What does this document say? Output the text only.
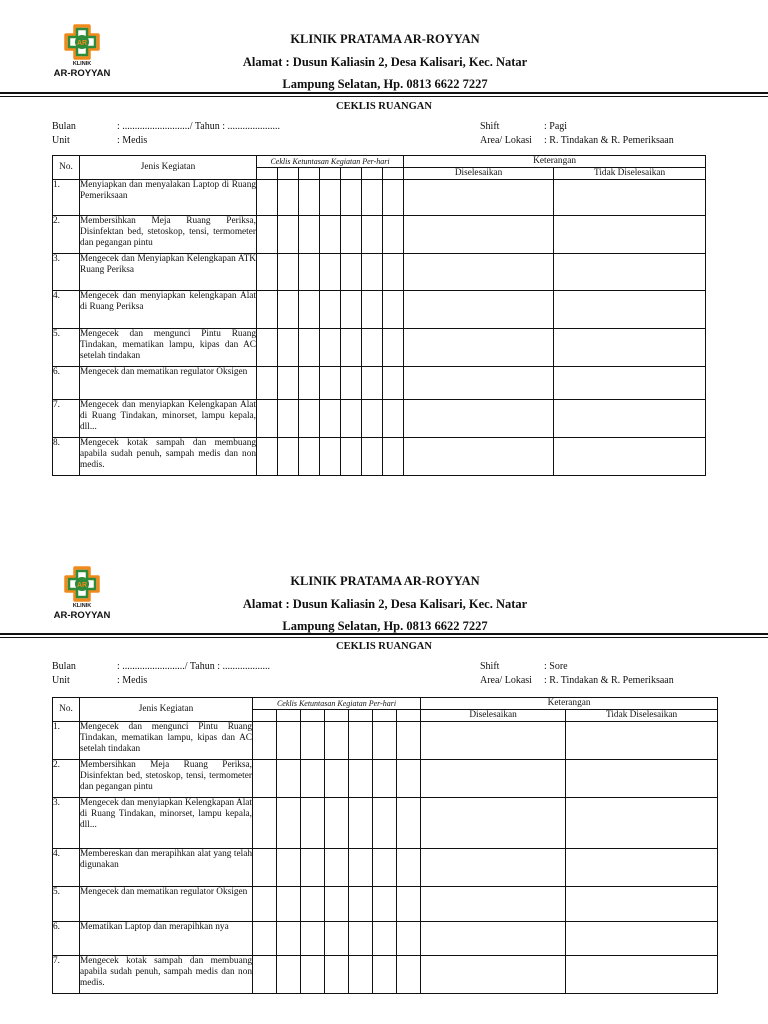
AR
KLINIK
AR-ROYYAN
KLINIK PRATAMA AR-ROYYAN
Alamat : Dusun Kaliasin 2, Desa Kalisari, Kec. Natar
Lampung Selatan, Hp. 0813 6622 7227
CEKLIS RUANGAN
Bulan	: .........................../ Tahun : .....................
Unit	: Medis
Shift	: Pagi
Area/ Lokasi : R. Tindakan & R. Pemeriksaan
No.	Jenis Kegiatan	Ceklis Ketuntasan Kegiatan Per-hari							Keterangan	
									Diselesaikan	Tidak Diselesaikan
1.	Menyiapkan dan menyalakan Laptop di Ruang Pemeriksaan									
2.	Membersihkan Meja Ruang Periksa, Disinfektan bed, stetoskop, tensi, termometer dan pegangan pintu									
3.	Mengecek dan Menyiapkan Kelengkapan ATK Ruang Periksa									
4.	Mengecek dan menyiapkan kelengkapan Alat di Ruang Periksa									
5.	Mengecek dan mengunci Pintu Ruang Tindakan, mematikan lampu, kipas dan AC setelah tindakan									
6.	Mengecek dan mematikan regulator Oksigen									
7.	Mengecek dan menyiapkan Kelengkapan Alat di Ruang Tindakan, minorset, lampu kepala, dll...									
8.	Mengecek kotak sampah dan membuang apabila sudah penuh, sampah medis dan non medis.									
AR
KLINIK
AR-ROYYAN
KLINIK PRATAMA AR-ROYYAN
Alamat : Dusun Kaliasin 2, Desa Kalisari, Kec. Natar
Lampung Selatan, Hp. 0813 6622 7227
CEKLIS RUANGAN
Bulan	: ........................./ Tahun : ...................
Unit	: Medis
Shift	: Sore
Area/ Lokasi : R. Tindakan & R. Pemeriksaan
No.	Jenis Kegiatan	Ceklis Ketuntasan Kegiatan Per-hari							Keterangan	
									Diselesaikan	Tidak Diselesaikan
1.	Mengecek dan mengunci Pintu Ruang Tindakan, mematikan lampu, kipas dan AC setelah tindakan									
2.	Membersihkan Meja Ruang Periksa, Disinfektan bed, stetoskop, tensi, termometer dan pegangan pintu									
3.	Mengecek dan menyiapkan Kelengkapan Alat di Ruang Tindakan, minorset, lampu kepala, dll...									
4.	Membereskan dan merapihkan alat yang telah digunakan									
5.	Mengecek dan mematikan regulator Oksigen									
6.	Mematikan Laptop dan merapihkan nya									
7.	Mengecek kotak sampah dan membuang apabila sudah penuh, sampah medis dan non medis.									
